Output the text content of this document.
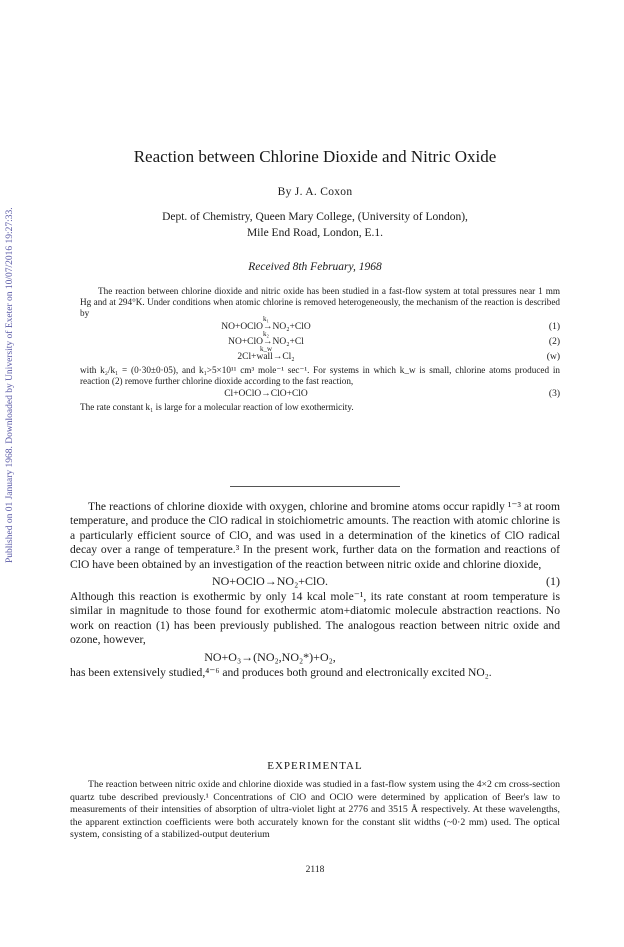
Published on 01 January 1968. Downloaded by University of Exeter on 10/07/2016 19:27:33.
Reaction between Chlorine Dioxide and Nitric Oxide
By J. A. Coxon
Dept. of Chemistry, Queen Mary College, (University of London),
Mile End Road, London, E.1.
Received 8th February, 1968

The reaction between chlorine dioxide and nitric oxide has been studied in a fast-flow system at total pressures near 1 mm Hg and at 294°K. Under conditions when atomic chlorine is removed heterogeneously, the mechanism of the reaction is described by

k₁
NO+OClO→NO₂+ClO	(1)
k₂
NO+ClO→NO₂+Cl	(2)
k_w
2Cl+wall→Cl₂	(w)

with k₂/k₁ = (0·30±0·05), and k₁>5×10¹¹ cm³ mole⁻¹ sec⁻¹. For systems in which k_w is small, chlorine atoms produced in reaction (2) remove further chlorine dioxide according to the fast reaction,

Cl+OClO→ClO+ClO	(3)

The rate constant k₁ is large for a molecular reaction of low exothermicity.

The reactions of chlorine dioxide with oxygen, chlorine and bromine atoms occur rapidly ¹⁻³ at room temperature, and produce the ClO radical in stoichiometric amounts. The reaction with atomic chlorine is a particularly efficient source of ClO, and was used in a determination of the kinetics of ClO radical decay over a range of temperature.³ In the present work, further data on the formation and reactions of ClO have been obtained by an investigation of the reaction between nitric oxide and chlorine dioxide,

NO+OClO→NO₂+ClO.	(1)

Although this reaction is exothermic by only 14 kcal mole⁻¹, its rate constant at room temperature is similar in magnitude to those found for exothermic atom+diatomic molecule abstraction reactions. No work on reaction (1) has been previously published. The analogous reaction between nitric oxide and ozone, however,

NO+O₃→(NO₂,NO₂*)+O₂,

has been extensively studied,⁴⁻⁶ and produces both ground and electronically excited NO₂.

EXPERIMENTAL

The reaction between nitric oxide and chlorine dioxide was studied in a fast-flow system using the 4×2 cm cross-section quartz tube described previously.¹ Concentrations of ClO and OClO were determined by application of Beer's law to measurements of their intensities of absorption of ultra-violet light at 2776 and 3515 Å respectively. At these wavelengths, the apparent extinction coefficients were both accurately known for the constant slit widths (~0·2 mm) used. The optical system, consisting of a stabilized-output deuterium

2118
